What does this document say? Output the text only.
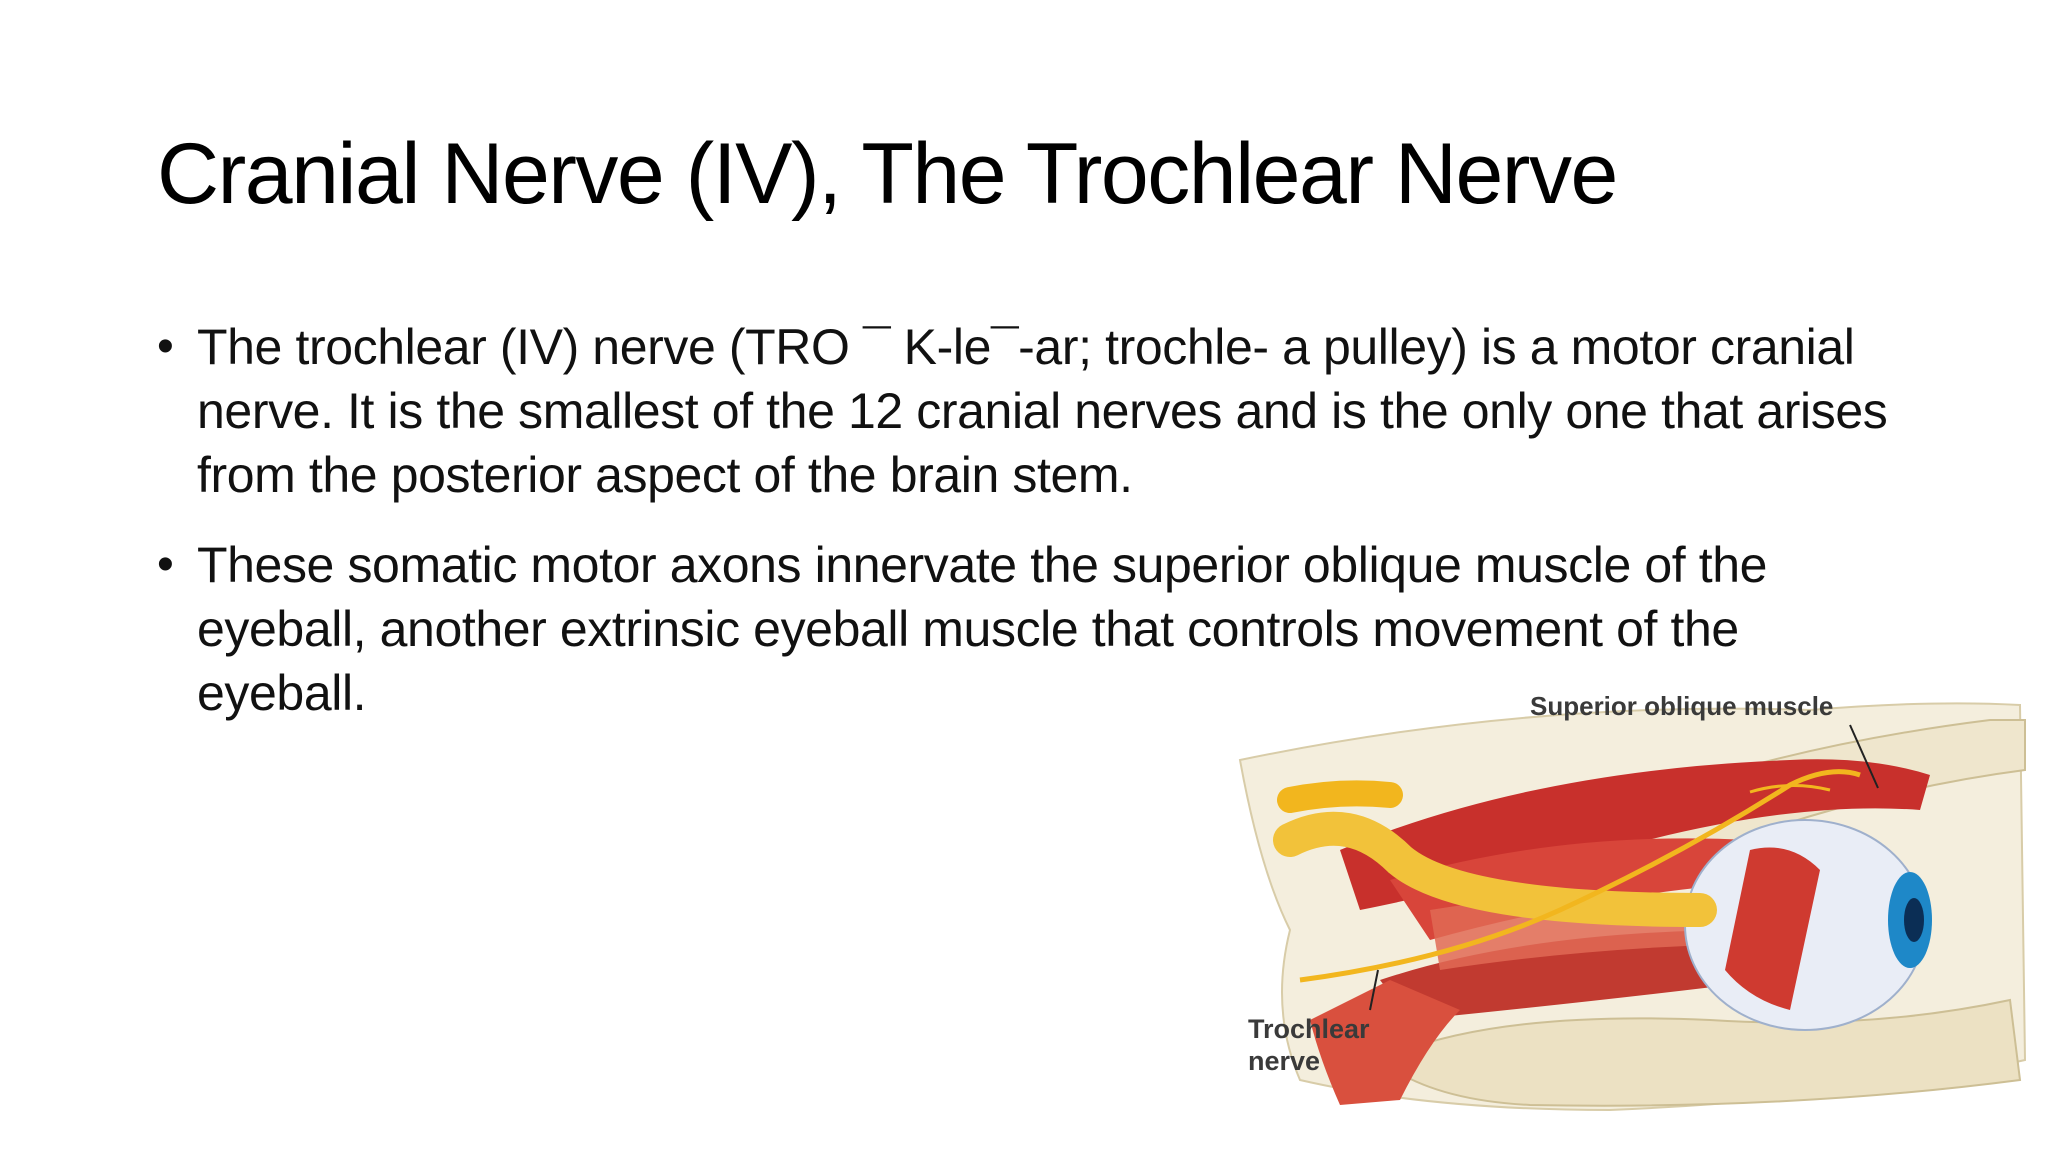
Cranial Nerve (IV), The Trochlear Nerve
• The trochlear (IV) nerve (TRO ¯ K-le¯-ar; trochle- a pulley) is a motor cranial nerve. It is the smallest of the 12 cranial nerves and is the only one that arises from the posterior aspect of the brain stem.
• These somatic motor axons innervate the superior oblique muscle of the eyeball, another extrinsic eyeball muscle that controls movement of the eyeball.	Superior oblique muscle
Trochlear
nerve
